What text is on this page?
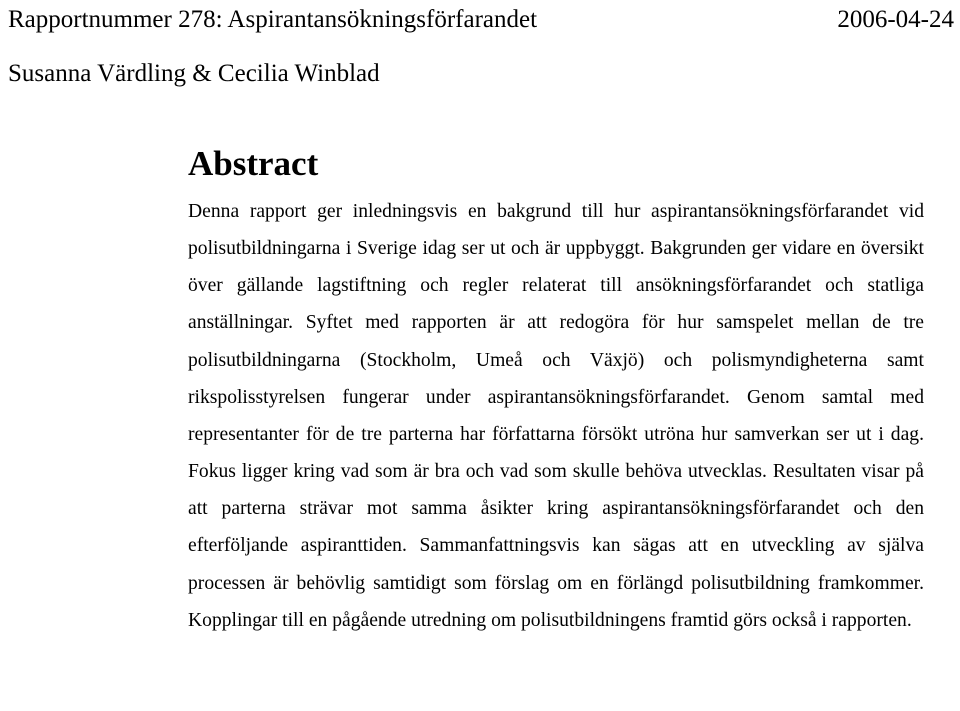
Rapportnummer 278: Aspirantansökningsförfarandet	2006-04-24
Susanna Värdling & Cecilia Winblad
Abstract

Denna rapport ger inledningsvis en bakgrund till hur aspirantansökningsförfarandet vid polisutbildningarna i Sverige idag ser ut och är uppbyggt. Bakgrunden ger vidare en översikt över gällande lagstiftning och regler relaterat till ansökningsförfarandet och statliga anställningar. Syftet med rapporten är att redogöra för hur samspelet mellan de tre polisutbildningarna (Stockholm, Umeå och Växjö) och polismyndigheterna samt rikspolisstyrelsen fungerar under aspirantansökningsförfarandet. Genom samtal med representanter för de tre parterna har författarna försökt utröna hur samverkan ser ut i dag. Fokus ligger kring vad som är bra och vad som skulle behöva utvecklas. Resultaten visar på att parterna strävar mot samma åsikter kring aspirantansökningsförfarandet och den efterföljande aspiranttiden. Sammanfattningsvis kan sägas att en utveckling av själva processen är behövlig samtidigt som förslag om en förlängd polisutbildning framkommer. Kopplingar till en pågående utredning om polisutbildningens framtid görs också i rapporten.
